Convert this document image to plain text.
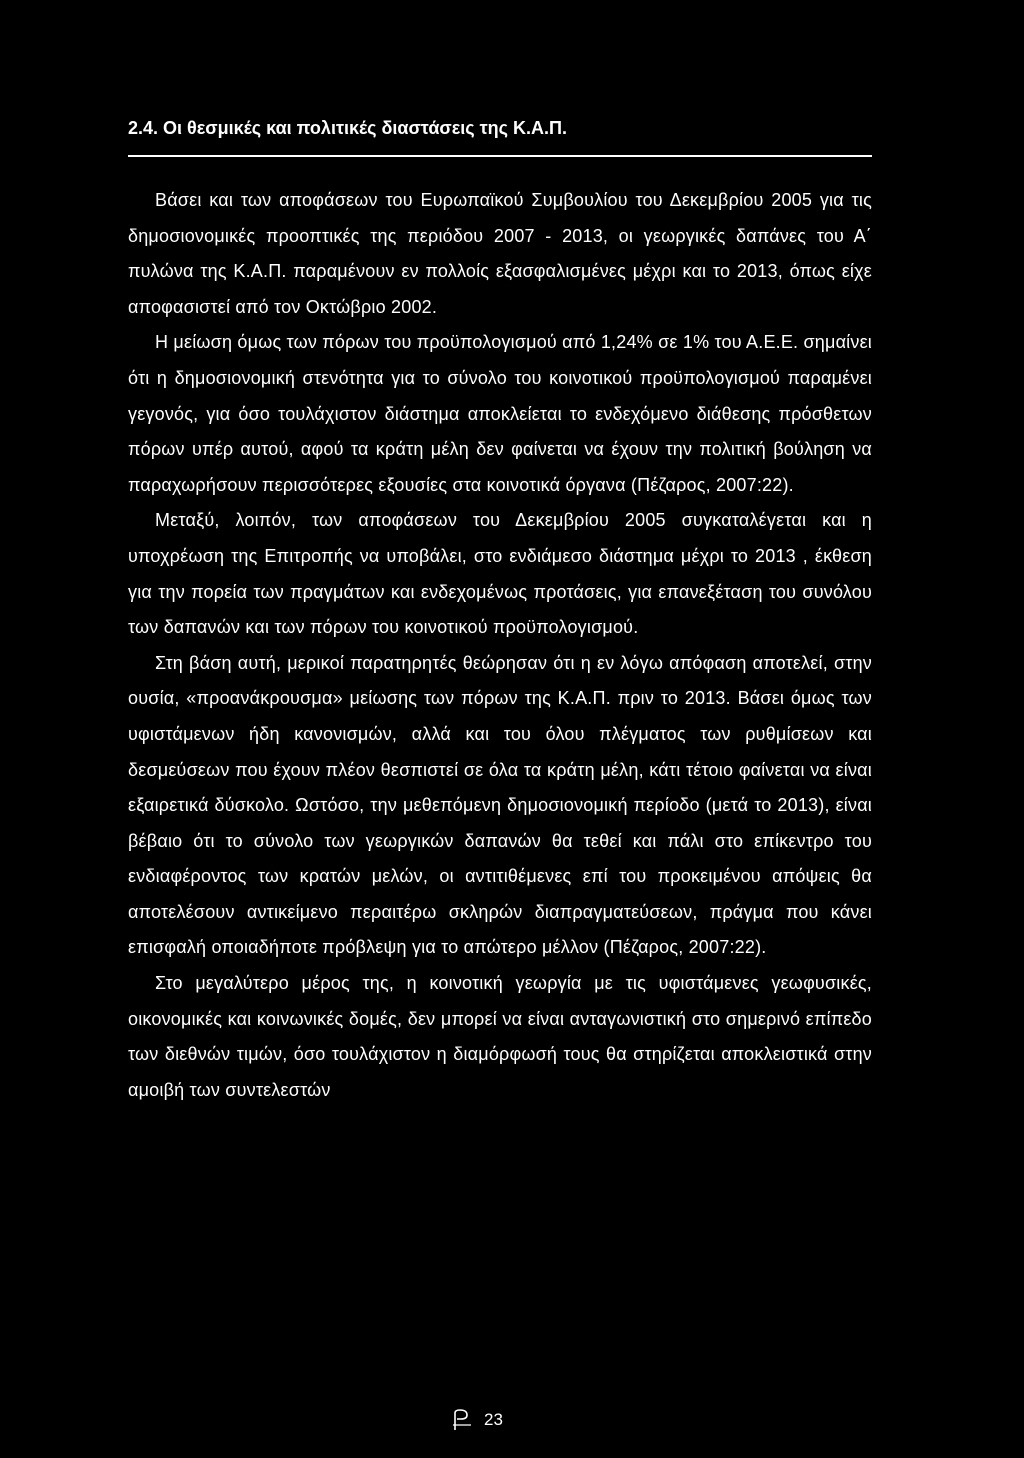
2.4. Οι θεσμικές και πολιτικές διαστάσεις της Κ.Α.Π.

Βάσει και των αποφάσεων του Ευρωπαϊκού Συμβουλίου του Δεκεμβρίου 2005 για τις δημοσιονομικές προοπτικές της περιόδου 2007 - 2013, οι γεωργικές δαπάνες του Α΄ πυλώνα της Κ.Α.Π. παραμένουν εν πολλοίς εξασφαλισμένες μέχρι και το 2013, όπως είχε αποφασιστεί από τον Οκτώβριο 2002.

Η μείωση όμως των πόρων του προϋπολογισμού από 1,24% σε 1% του Α.Ε.Ε. σημαίνει ότι η δημοσιονομική στενότητα για το σύνολο του κοινοτικού προϋπολογισμού παραμένει γεγονός, για όσο τουλάχιστον διάστημα αποκλείεται το ενδεχόμενο διάθεσης πρόσθετων πόρων υπέρ αυτού, αφού τα κράτη μέλη δεν φαίνεται να έχουν την πολιτική βούληση να παραχωρήσουν περισσότερες εξουσίες στα κοινοτικά όργανα (Πέζαρος, 2007:22).

Μεταξύ, λοιπόν, των αποφάσεων του Δεκεμβρίου 2005 συγκαταλέγεται και η υποχρέωση της Επιτροπής να υποβάλει, στο ενδιάμεσο διάστημα μέχρι το 2013 , έκθεση για την πορεία των πραγμάτων και ενδεχομένως προτάσεις, για επανεξέταση του συνόλου των δαπανών και των πόρων του κοινοτικού προϋπολογισμού.

Στη βάση αυτή, μερικοί παρατηρητές θεώρησαν ότι η εν λόγω απόφαση αποτελεί, στην ουσία, «προανάκρουσμα» μείωσης των πόρων της Κ.Α.Π. πριν το 2013. Βάσει όμως των υφιστάμενων ήδη κανονισμών, αλλά και του όλου πλέγματος των ρυθμίσεων και δεσμεύσεων που έχουν πλέον θεσπιστεί σε όλα τα κράτη μέλη, κάτι τέτοιο φαίνεται να είναι εξαιρετικά δύσκολο. Ωστόσο, την μεθεπόμενη δημοσιονομική περίοδο (μετά το 2013), είναι βέβαιο ότι το σύνολο των γεωργικών δαπανών θα τεθεί και πάλι στο επίκεντρο του ενδιαφέροντος των κρατών μελών, οι αντιτιθέμενες επί του προκειμένου απόψεις θα αποτελέσουν αντικείμενο περαιτέρω σκληρών διαπραγματεύσεων, πράγμα που κάνει επισφαλή οποιαδήποτε πρόβλεψη για το απώτερο μέλλον (Πέζαρος, 2007:22).

Στο μεγαλύτερο μέρος της, η κοινοτική γεωργία με τις υφιστάμενες γεωφυσικές, οικονομικές και κοινωνικές δομές, δεν μπορεί να είναι ανταγωνιστική στο σημερινό επίπεδο των διεθνών τιμών, όσο τουλάχιστον η διαμόρφωσή τους θα στηρίζεται αποκλειστικά στην αμοιβή των συντελεστών

23
